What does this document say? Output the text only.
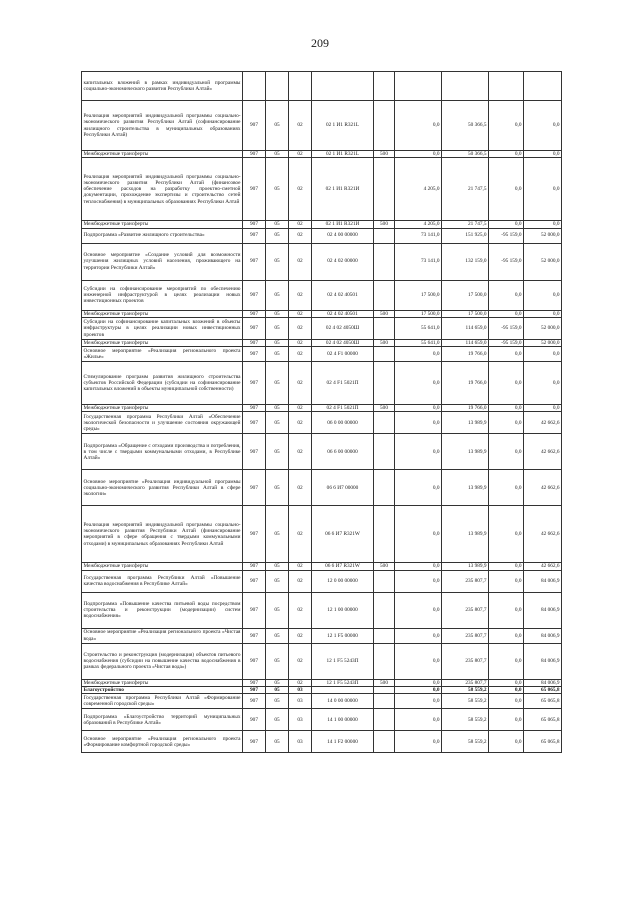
209
капитальных вложений в рамках индивидуальной программы социально-экономического развития Республики Алтай»									
Реализация мероприятий индивидуальной программы социально-экономического развития Республики Алтай (софинансирование жилищного строительства в муниципальных образованиях Республики Алтай)	907	05	02	02 1 И1 R321L		0,0	50 366,5	0,0	0,0
Межбюджетные трансферты	907	05	02	02 1 И1 R321L	500	0,0	50 366,5	0,0	0,0
Реализация мероприятий индивидуальной программы социально-экономического развития Республики Алтай (финансовое обеспечение расходов на разработку проектно-сметной документации, прохождение экспертизы и строительство сетей теплоснабжения) в муниципальных образованиях Республики Алтай	907	05	02	02 1 И1 R321И		4 205,0	21 747,5	0,0	0,0
Межбюджетные трансферты	907	05	02	02 1 И1 R321И	500	4 205,0	21 747,5	0,0	0,0
Подпрограмма «Развитие жилищного строительства»	907	05	02	02 4 00 00000		73 141,0	151 925,0	-95 159,0	52 000,0
Основное мероприятие «Создание условий для возможности улучшения жилищных условий населения, проживающего на территории Республики Алтай»	907	05	02	02 4 02 00000		73 141,0	132 159,0	-95 159,0	52 000,0
Субсидии на софинансирование мероприятий по обеспечению инженерной инфраструктурой в целях реализации новых инвестиционных проектов	907	05	02	02 4 02 40501		17 500,0	17 500,0	0,0	0,0
Межбюджетные трансферты	907	05	02	02 4 02 40501	500	17 500,0	17 500,0	0,0	0,0
Субсидии на софинансирование капитальных вложений в объекты инфраструктуры в целях реализации новых инвестиционных проектов	907	05	02	02 4 02 4050Ш		55 641,0	114 659,0	-95 159,0	52 000,0
Межбюджетные трансферты	907	05	02	02 4 02 4050Ш	500	55 641,0	114 659,0	-95 159,0	52 000,0
Основное мероприятие «Реализация регионального проекта «Жилье»	907	05	02	02 4 F1 00000		0,0	19 766,0	0,0	0,0
Стимулирование программ развития жилищного строительства субъектов Российской Федерации (субсидии на софинансирование капитальных вложений в объекты муниципальной собственности)	907	05	02	02 4 F1 5021П		0,0	19 766,0	0,0	0,0
Межбюджетные трансферты	907	05	02	02 4 F1 5021П	500	0,0	19 766,0	0,0	0,0
Государственная программа Республики Алтай «Обеспечение экологической безопасности и улучшение состояния окружающей среды»	907	05	02	06 0 00 00000		0,0	13 989,9	0,0	42 662,6
Подпрограмма «Обращение с отходами производства и потребления, в том числе с твердыми коммунальными отходами, в Республике Алтай»	907	05	02	06 6 00 00000		0,0	13 989,9	0,0	42 662,6
Основное мероприятие «Реализация индивидуальной программы социально-экономического развития Республики Алтай в сфере экологии»	907	05	02	06 6 И7 00000		0,0	13 989,9	0,0	42 662,6
Реализация мероприятий индивидуальной программы социально-экономического развития Республики Алтай (финансирование мероприятий в сфере обращения с твердыми коммунальными отходами) в муниципальных образованиях Республики Алтай	907	05	02	06 6 И7 R321W		0,0	13 989,9	0,0	42 662,6
Межбюджетные трансферты	907	05	02	06 6 И7 R321W	500	0,0	13 989,9	0,0	42 662,6
Государственная программа Республики Алтай «Повышение качества водоснабжения в Республике Алтай»	907	05	02	12 0 00 00000		0,0	235 807,7	0,0	84 006,9
Подпрограмма «Повышение качества питьевой воды посредством строительства и реконструкции (модернизации) систем водоснабжения»	907	05	02	12 1 00 00000		0,0	235 807,7	0,0	84 006,9
Основное мероприятие «Реализация регионального проекта «Чистая вода»	907	05	02	12 1 F5 00000		0,0	235 807,7	0,0	84 006,9
Строительство и реконструкция (модернизация) объектов питьевого водоснабжения (субсидии на повышение качества водоснабжения в рамках федерального проекта «Чистая вода»)	907	05	02	12 1 F5 5243П		0,0	235 807,7	0,0	84 006,9
Межбюджетные трансферты	907	05	02	12 1 F5 5243П	500	0,0	235 807,7	0,0	84 006,9
Благоустройство	907	05	03			0,0	58 559,2	0,0	65 065,8
Государственная программа Республики Алтай «Формирование современной городской среды»	907	05	03	14 0 00 00000		0,0	58 559,2	0,0	65 065,8
Подпрограмма «Благоустройство территорий муниципальных образований в Республике Алтай»	907	05	03	14 1 00 00000		0,0	58 559,2	0,0	65 065,8
Основное мероприятие «Реализация регионального проекта «Формирование комфортной городской среды»	907	05	03	14 1 F2 00000		0,0	58 559,2	0,0	65 065,8
